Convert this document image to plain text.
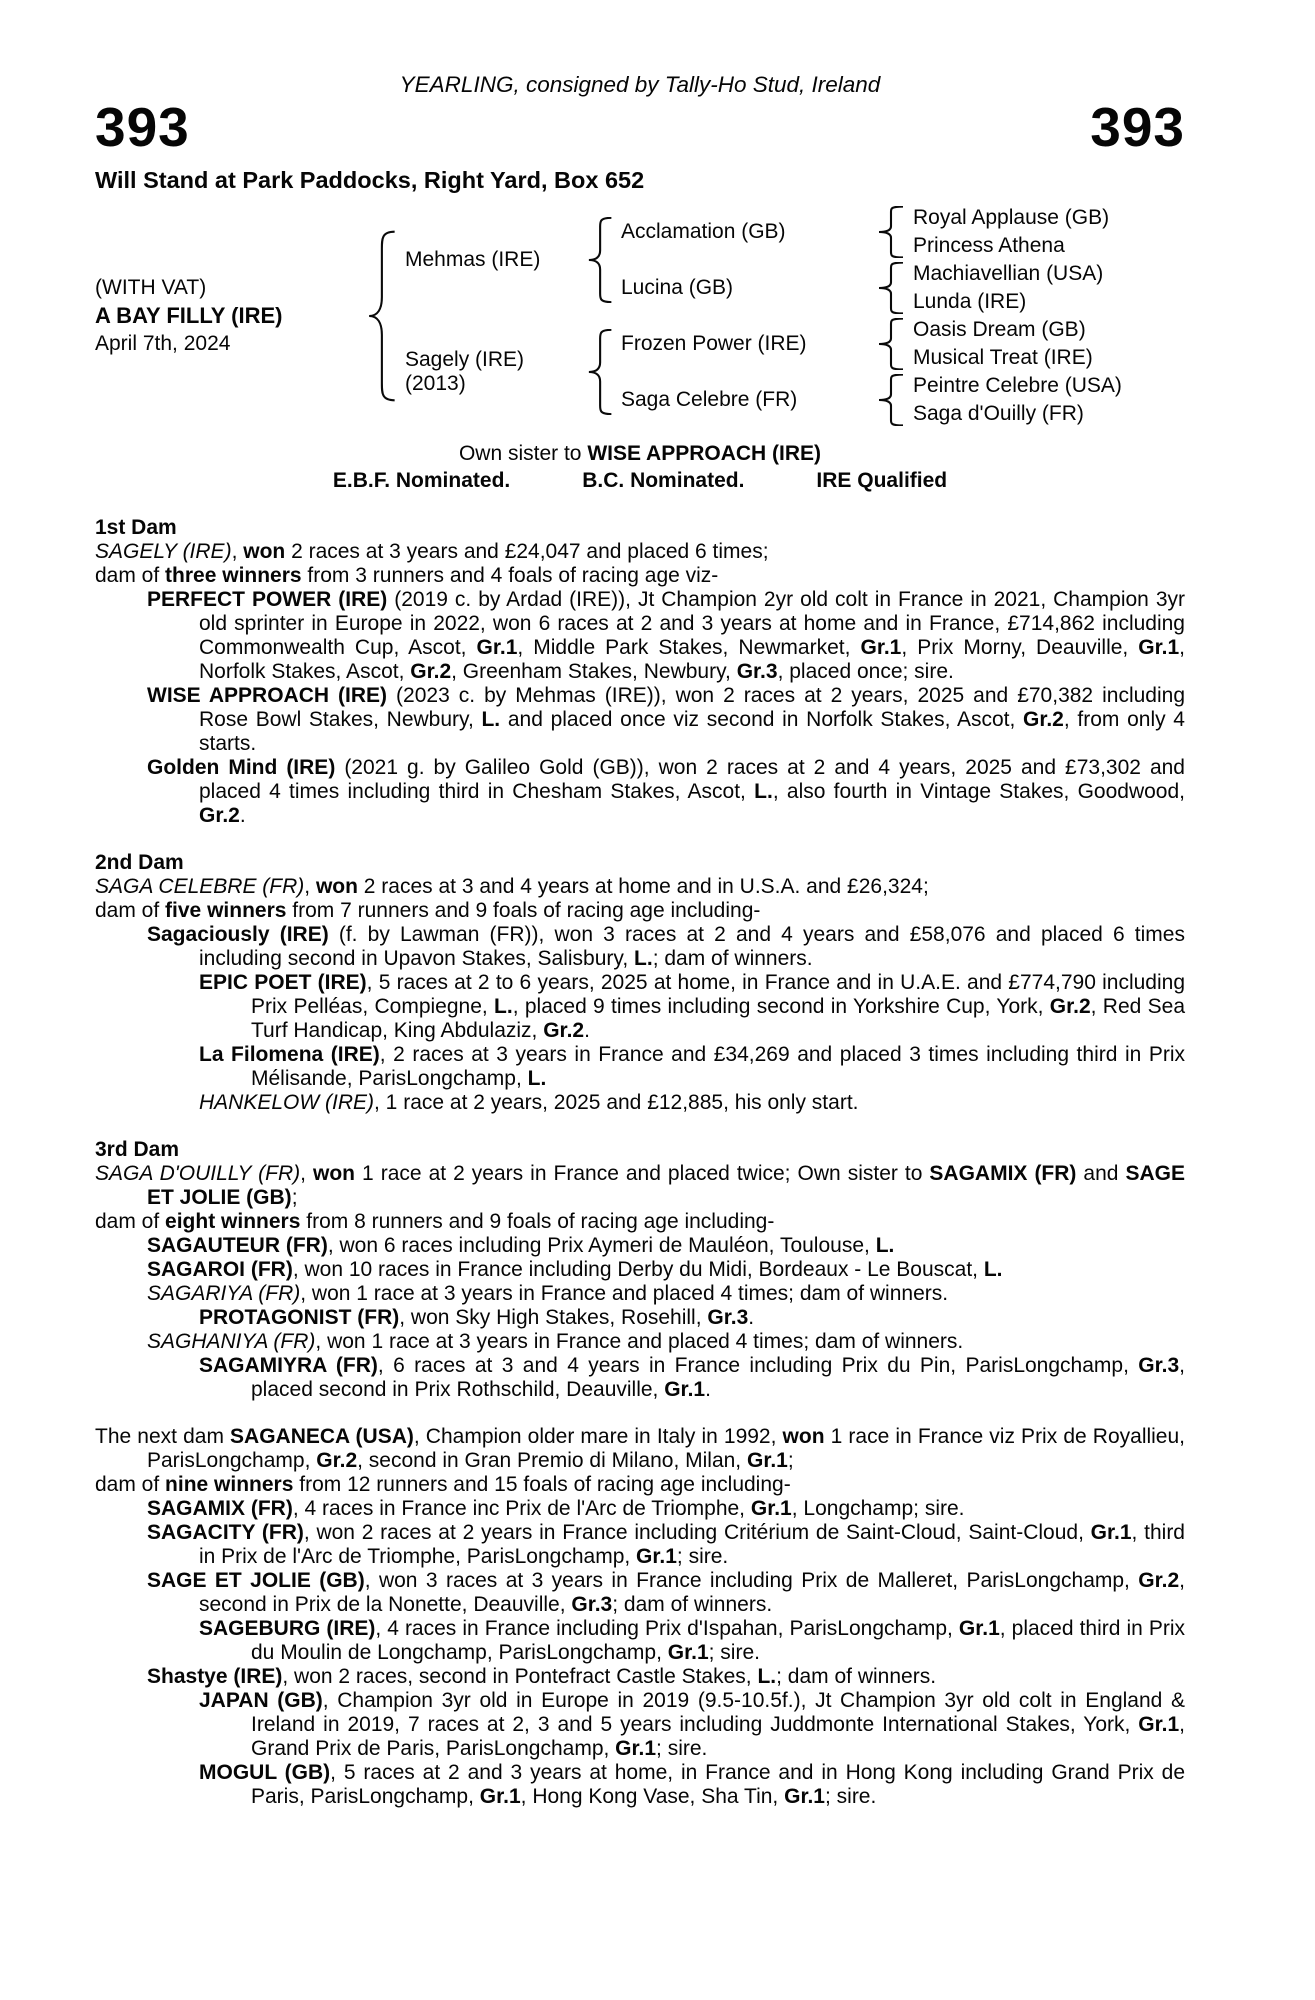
YEARLING, consigned by Tally-Ho Stud, Ireland
393	393
Will Stand at Park Paddocks, Right Yard, Box 652
(WITH VAT)
A BAY FILLY (IRE)
April 7th, 2024
Mehmas (IRE)
Sagely (IRE)
(2013)
Acclamation (GB)
Lucina (GB)
Frozen Power (IRE)
Saga Celebre (FR)
Royal Applause (GB)
Princess Athena
Machiavellian (USA)
Lunda (IRE)
Oasis Dream (GB)
Musical Treat (IRE)
Peintre Celebre (USA)
Saga d'Ouilly (FR)
Own sister to WISE APPROACH (IRE)
E.B.F. Nominated.	B.C. Nominated.	IRE Qualified
1st Dam
SAGELY (IRE), won 2 races at 3 years and £24,047 and placed 6 times;
dam of three winners from 3 runners and 4 foals of racing age viz-
PERFECT POWER (IRE) (2019 c. by Ardad (IRE)), Jt Champion 2yr old colt in France in 2021, Champion 3yr old sprinter in Europe in 2022, won 6 races at 2 and 3 years at home and in France, £714,862 including Commonwealth Cup, Ascot, Gr.1, Middle Park Stakes, Newmarket, Gr.1, Prix Morny, Deauville, Gr.1, Norfolk Stakes, Ascot, Gr.2, Greenham Stakes, Newbury, Gr.3, placed once; sire.
WISE APPROACH (IRE) (2023 c. by Mehmas (IRE)), won 2 races at 2 years, 2025 and £70,382 including Rose Bowl Stakes, Newbury, L. and placed once viz second in Norfolk Stakes, Ascot, Gr.2, from only 4 starts.
Golden Mind (IRE) (2021 g. by Galileo Gold (GB)), won 2 races at 2 and 4 years, 2025 and £73,302 and placed 4 times including third in Chesham Stakes, Ascot, L., also fourth in Vintage Stakes, Goodwood, Gr.2.
2nd Dam
SAGA CELEBRE (FR), won 2 races at 3 and 4 years at home and in U.S.A. and £26,324;
dam of five winners from 7 runners and 9 foals of racing age including-
Sagaciously (IRE) (f. by Lawman (FR)), won 3 races at 2 and 4 years and £58,076 and placed 6 times including second in Upavon Stakes, Salisbury, L.; dam of winners.
EPIC POET (IRE), 5 races at 2 to 6 years, 2025 at home, in France and in U.A.E. and £774,790 including Prix Pelléas, Compiegne, L., placed 9 times including second in Yorkshire Cup, York, Gr.2, Red Sea Turf Handicap, King Abdulaziz, Gr.2.
La Filomena (IRE), 2 races at 3 years in France and £34,269 and placed 3 times including third in Prix Mélisande, ParisLongchamp, L.
HANKELOW (IRE), 1 race at 2 years, 2025 and £12,885, his only start.
3rd Dam
SAGA D'OUILLY (FR), won 1 race at 2 years in France and placed twice; Own sister to SAGAMIX (FR) and SAGE ET JOLIE (GB);
dam of eight winners from 8 runners and 9 foals of racing age including-
SAGAUTEUR (FR), won 6 races including Prix Aymeri de Mauléon, Toulouse, L.
SAGAROI (FR), won 10 races in France including Derby du Midi, Bordeaux - Le Bouscat, L.
SAGARIYA (FR), won 1 race at 3 years in France and placed 4 times; dam of winners.
PROTAGONIST (FR), won Sky High Stakes, Rosehill, Gr.3.
SAGHANIYA (FR), won 1 race at 3 years in France and placed 4 times; dam of winners.
SAGAMIYRA (FR), 6 races at 3 and 4 years in France including Prix du Pin, ParisLongchamp, Gr.3, placed second in Prix Rothschild, Deauville, Gr.1.
The next dam SAGANECA (USA), Champion older mare in Italy in 1992, won 1 race in France viz Prix de Royallieu, ParisLongchamp, Gr.2, second in Gran Premio di Milano, Milan, Gr.1;
dam of nine winners from 12 runners and 15 foals of racing age including-
SAGAMIX (FR), 4 races in France inc Prix de l'Arc de Triomphe, Gr.1, Longchamp; sire.
SAGACITY (FR), won 2 races at 2 years in France including Critérium de Saint-Cloud, Saint-Cloud, Gr.1, third in Prix de l'Arc de Triomphe, ParisLongchamp, Gr.1; sire.
SAGE ET JOLIE (GB), won 3 races at 3 years in France including Prix de Malleret, ParisLongchamp, Gr.2, second in Prix de la Nonette, Deauville, Gr.3; dam of winners.
SAGEBURG (IRE), 4 races in France including Prix d'Ispahan, ParisLongchamp, Gr.1, placed third in Prix du Moulin de Longchamp, ParisLongchamp, Gr.1; sire.
Shastye (IRE), won 2 races, second in Pontefract Castle Stakes, L.; dam of winners.
JAPAN (GB), Champion 3yr old in Europe in 2019 (9.5-10.5f.), Jt Champion 3yr old colt in England & Ireland in 2019, 7 races at 2, 3 and 5 years including Juddmonte International Stakes, York, Gr.1, Grand Prix de Paris, ParisLongchamp, Gr.1; sire.
MOGUL (GB), 5 races at 2 and 3 years at home, in France and in Hong Kong including Grand Prix de Paris, ParisLongchamp, Gr.1, Hong Kong Vase, Sha Tin, Gr.1; sire.
